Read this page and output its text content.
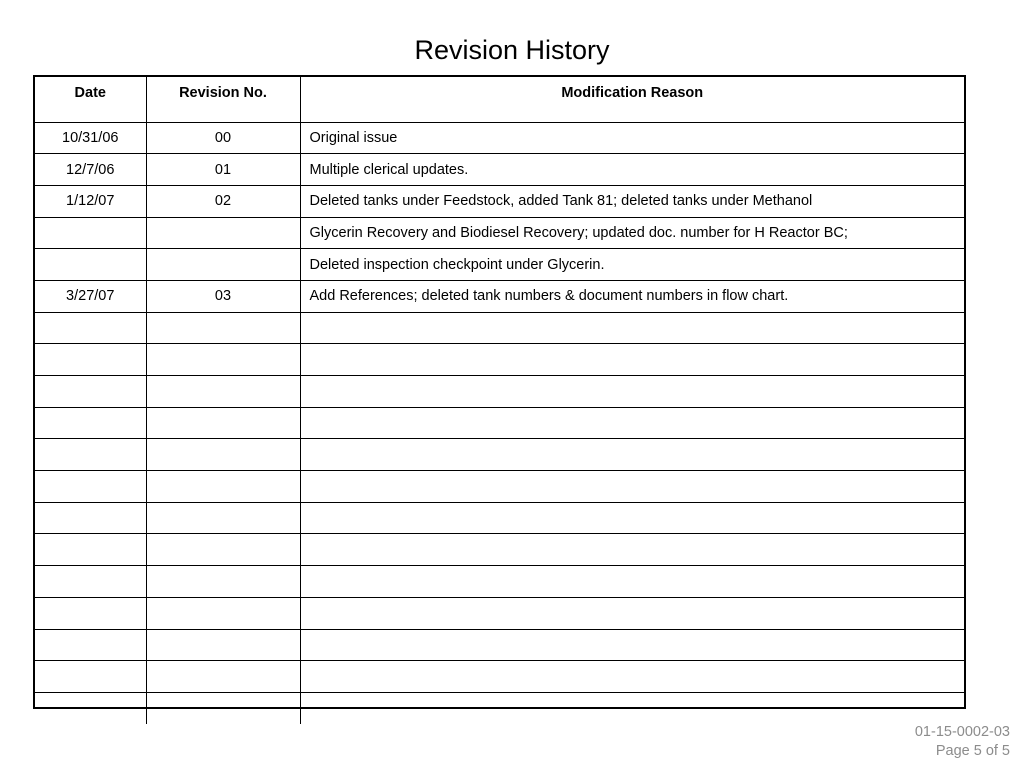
Revision History
Date	Revision No.	Modification Reason
10/31/06	00	Original issue
12/7/06	01	Multiple clerical updates.
1/12/07	02	Deleted tanks under Feedstock, added Tank 81; deleted tanks under Methanol
		Glycerin Recovery and Biodiesel Recovery; updated doc. number for H Reactor BC;
		Deleted inspection checkpoint under Glycerin.
3/27/07	03	Add References; deleted tank numbers & document numbers in flow chart.

01-15-0002-03
Page 5 of 5
